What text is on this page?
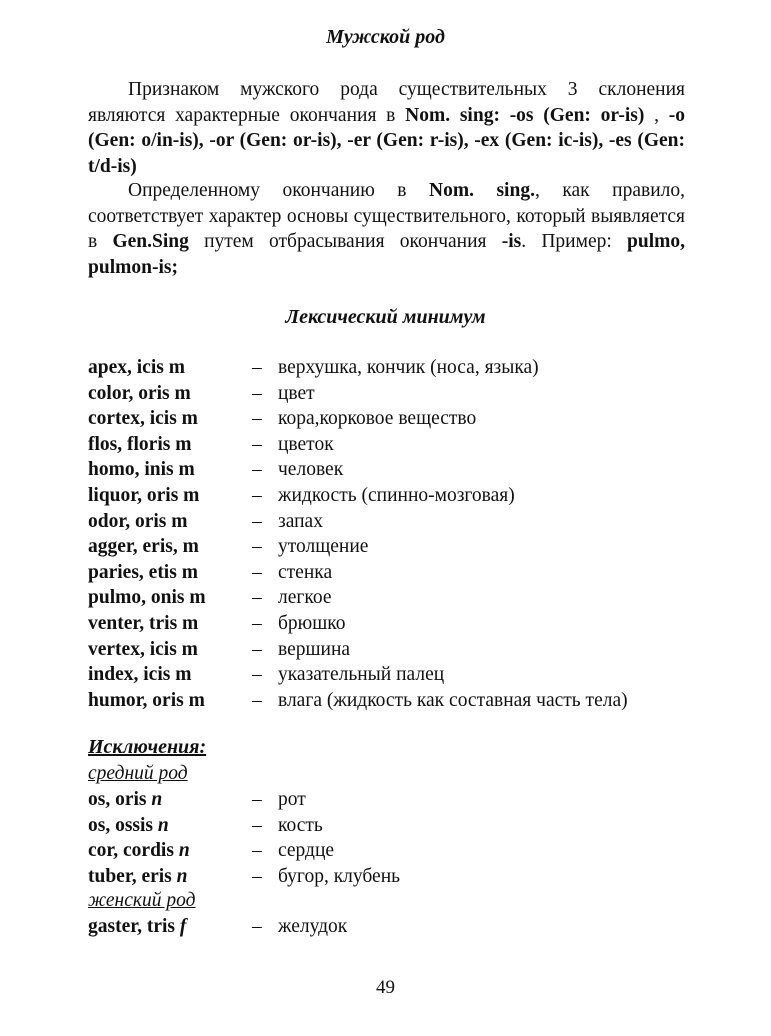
Мужской род

Признаком мужского рода существительных 3 склонения являются характерные окончания в Nom. sing: -os (Gen: or-is) , -o (Gen: o/in-is), -or (Gen: or-is), -er (Gen: r-is), -ex (Gen: ic-is), -es (Gen: t/d-is)

Определенному окончанию в Nom. sing., как правило, соответствует характер основы существительного, который выявляется в Gen.Sing путем отбрасывания окончания -is. Пример: pulmo, pulmon-is;

Лексический минимум
apex, icis m	– верхушка, кончик (носа, языка)
color, oris m	– цвет
cortex, icis m	– кора,корковое вещество
flos, floris m	– цветок
homo, inis m	– человек
liquor, oris m	– жидкость (спинно-мозговая)
odor, oris m	– запах
agger, eris, m	– утолщение
paries, etis m	– стенка
pulmo, onis m – легкое
venter, tris m	– брюшко
vertex, icis m	– вершина
index, icis m	– указательный палец
humor, oris m – влага (жидкость как составная часть тела)
Исключения:
средний род
os, oris n	– рот
os, ossis n	– кость
cor, cordis n	– сердце
tuber, eris n	– бугор, клубень
женский род
gaster, tris f	– желудок
49
